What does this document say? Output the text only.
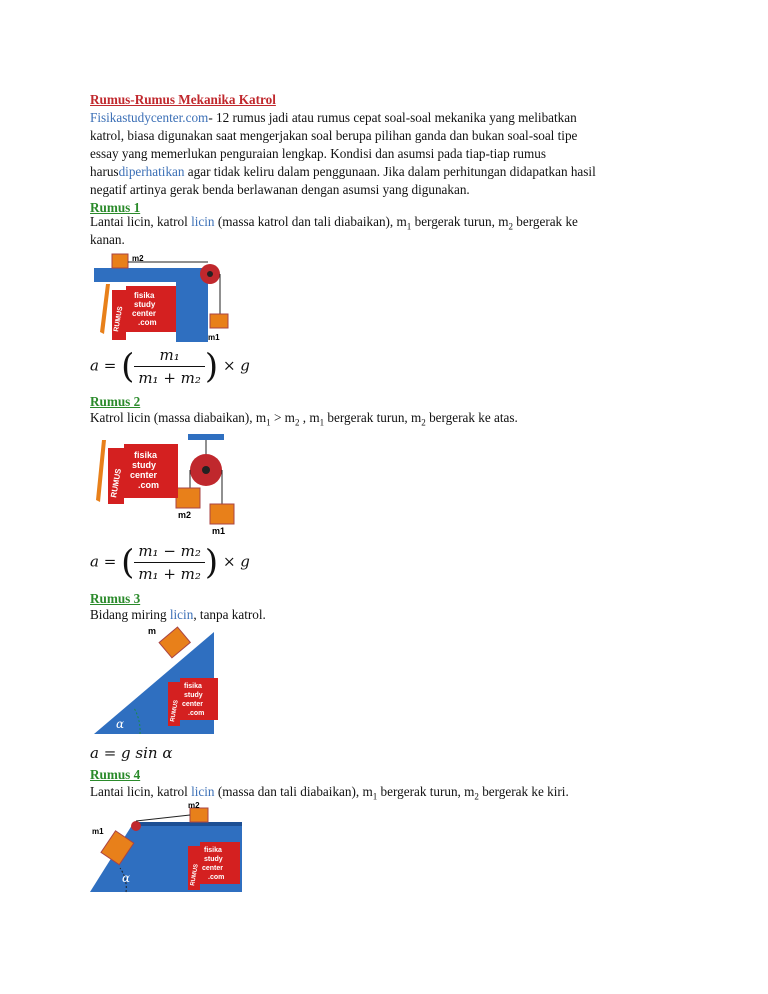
Rumus-Rumus Mekanika Katrol
Fisikastudycenter.com- 12 rumus jadi atau rumus cepat soal-soal mekanika yang melibatkan
katrol, biasa digunakan saat mengerjakan soal berupa pilihan ganda dan bukan soal-soal tipe
essay yang memerlukan penguraian lengkap. Kondisi dan asumsi pada tiap-tiap rumus
harusdiperhatikan agar tidak keliru dalam penggunaan. Jika dalam perhitungan didapatkan hasil
negatif artinya gerak benda berlawanan dengan asumsi yang digunakan.
Rumus 1
Lantai licin, katrol licin (massa katrol dan tali diabaikan), $m_1$ bergerak turun, $m_2$ bergerak ke
kanan.
m2
m1
RUMUS
fisika
study
center
.com
a = ( $\frac{\text{m₁}}{\text{m₁ + m₂}}$ ) × g
Rumus 2
Katrol licin (massa diabaikan), $m_1 > m_2$ , $m_1$ bergerak turun, $m_2$ bergerak ke atas.
m2
m1
RUMUS
fisika
study
center
.com
a = ( $\frac{\text{m₁ − m₂}}{\text{m₁ + m₂}}$ ) × g
Rumus 3
Bidang miring licin, tanpa katrol.
m
α
RUMUS
fisika
study
center
.com
a = g sin α
Rumus 4
Lantai licin, katrol licin (massa dan tali diabaikan), $m_1$ bergerak turun, $m_2$ bergerak ke kiri.
m2
m1
α	RUMUS
fisika
study
center
.com
